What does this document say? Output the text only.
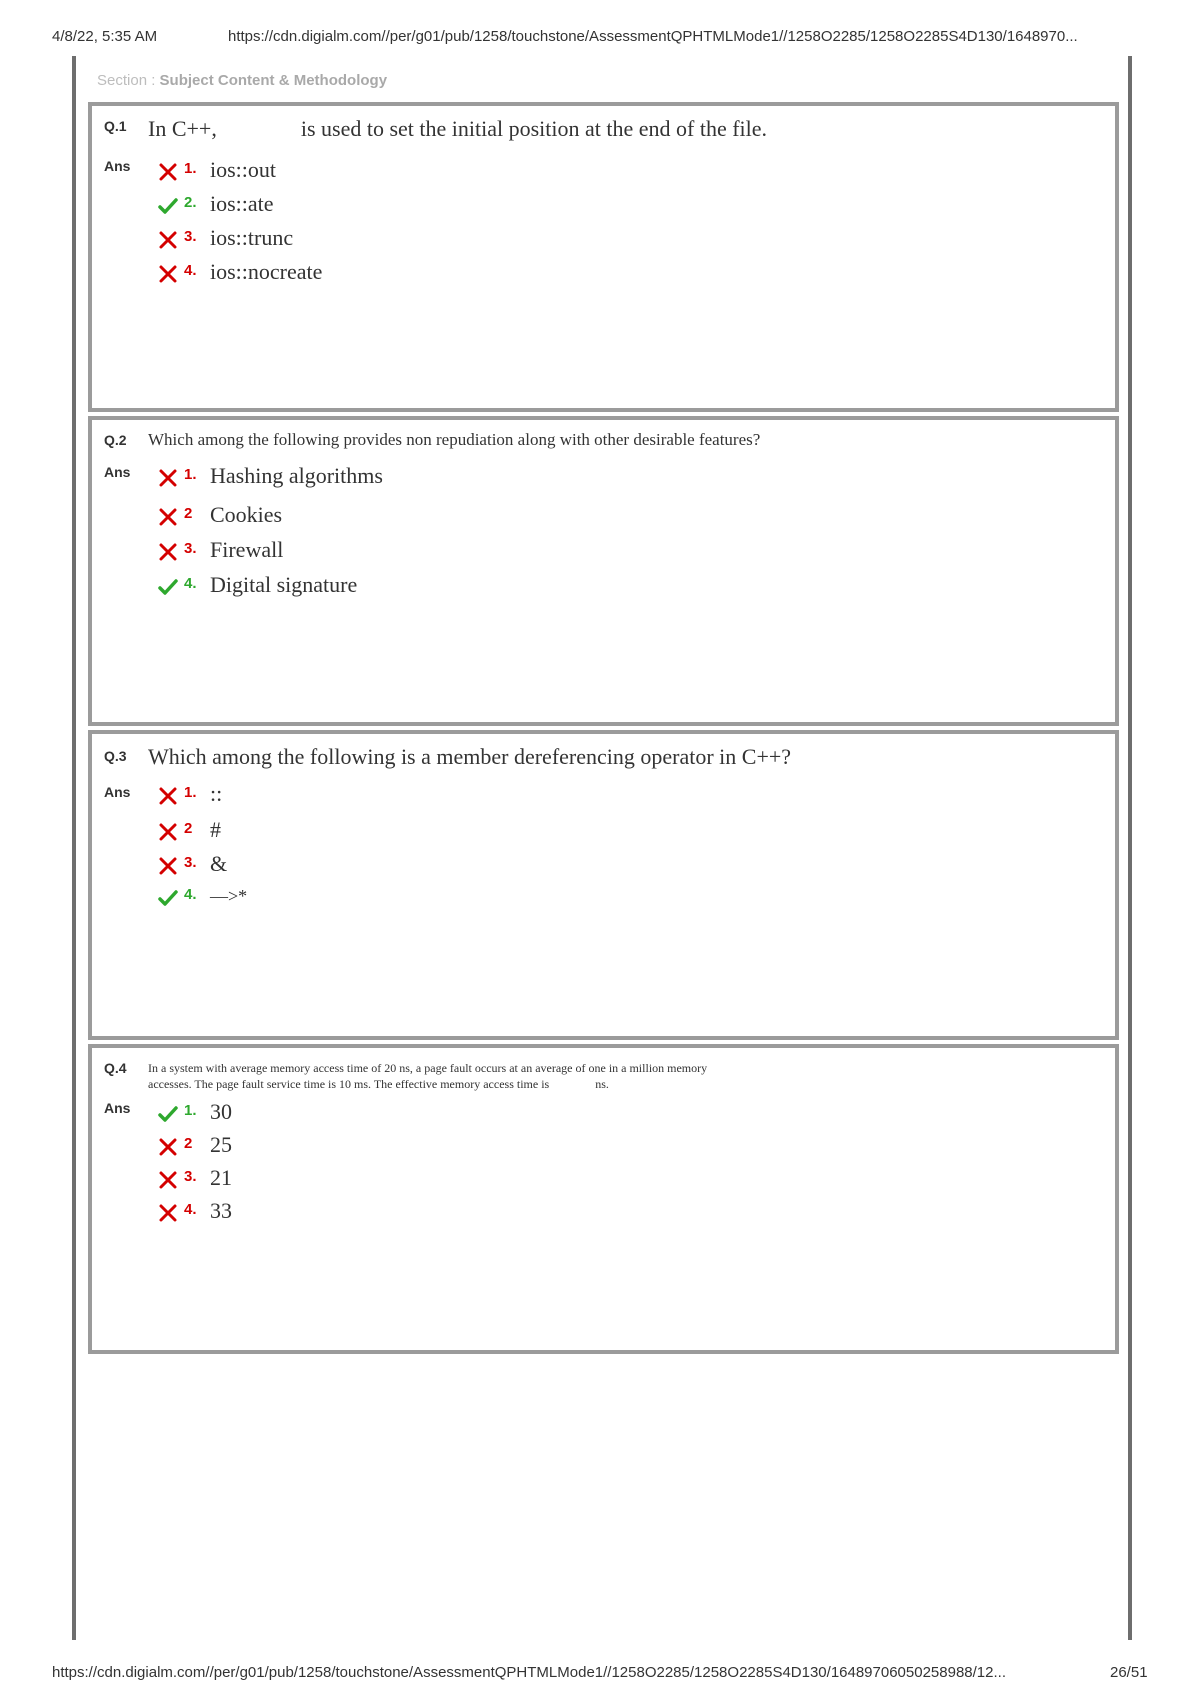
4/8/22, 5:35 AM	https://cdn.digialm.com//per/g01/pub/1258/touchstone/AssessmentQPHTMLMode1//1258O2285/1258O2285S4D130/1648970...
Section : Subject Content & Methodology
Q.1 In C++,	is used to set the initial position at the end of the file.
Ans	1. ios::out
2. ios::ate
3. ios::trunc
4. ios::nocreate
Q.2 Which among the following provides non repudiation along with other desirable features?
Ans	1. Hashing algorithms
2 Cookies
3. Firewall
4. Digital signature
Q.3 Which among the following is a member dereferencing operator in C++?
Ans	1. ::
2 #
3. &
4. —>*
Q.4 In a system with average memory access time of 20 ns, a page fault occurs at an average of one in a million memory
accesses. The page fault service time is 10 ms. The effective memory access time is	ns.
Ans	1. 30
2 25
3. 21
4. 33
https://cdn.digialm.com//per/g01/pub/1258/touchstone/AssessmentQPHTMLMode1//1258O2285/1258O2285S4D130/16489706050258988/12...	26/51
